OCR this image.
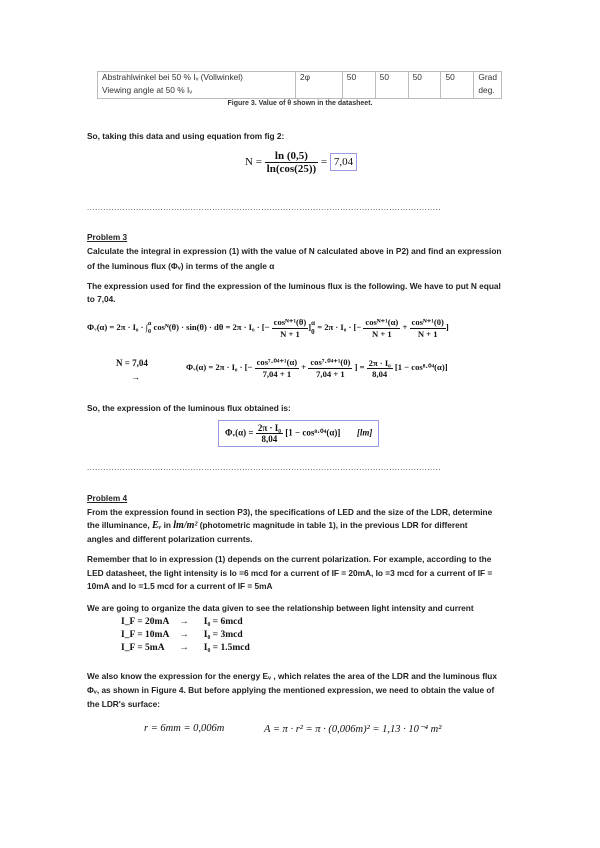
Abstrahlwinkel bei 50 % Iᵥ (Vollwinkel)	2φ	50	50	50	50	Grad
Viewing angle at 50 % Iᵥ						deg.
Figure 3. Value of θ shown in the datasheet.
So, taking this data and using equation from fig 2:
$N = \frac{\ln (0,5)}{\ln(\cos(25))} = 7,04$
..................................................................................................................................
Problem 3
Calculate the integral in expression (1) with the value of N calculated above in P2) and find an expression
of the luminous flux (Φᵥ) in terms of the angle α
The expression used for find the expression of the luminous flux is the following. We have to put N equal
to 7,04.
Φᵥ(α) = 2π · I₀ · ∫ α
0
cosᴺ(θ) · sin(θ) · dθ = 2π · I₀ · [− $\frac{\text{cosᴺ⁺¹(θ)}}{N + 1}$ ] α
0
= 2π · I₀ · [− $\frac{\text{cosᴺ⁺¹(α)}}{N + 1} + \frac{\text{cosᴺ⁺¹(0)}}{N + 1}$ ]
N = 7,04
→
Φᵥ(α) = 2π · I₀ · [− $\frac{\text{cos⁷·⁰⁴⁺¹(α)}}{7,04 + 1} + \frac{\text{cos⁷·⁰⁴⁺¹(0)}}{7,04 + 1}$ ] = $\frac{\text{2π · I₀}}{8,04} [1 - \cos^8\cdot^{04}(\alpha)]$
So, the expression of the luminous flux obtained is:
Φᵥ(α) = $\frac{\text{2π · I₀}}{8,04} [1 - \cos^8\cdot^{04}(\alpha)]$ [lm]
..................................................................................................................................
Problem 4
From the expression found in section P3), the specifications of LED and the size of the LDR, determine
the illuminance, Eᵥ in lm/m² (photometric magnitude in table 1), in the previous LDR for different
angles and different polarization currents.
Remember that Io in expression (1) depends on the current polarization. For example, according to the
LED datasheet, the light intensity is Io =6 mcd for a current of IF = 20mA, Io =3 mcd for a current of IF =
10mA and Io =1.5 mcd for a current of IF = 5mA
We are going to organize the data given to see the relationship between light intensity and current
I_F = 20mA → I₀ = 6mcd
I_F = 10mA → I₀ = 3mcd
I_F = 5mA → I₀ = 1.5mcd
We also know the expression for the energy Eᵥ , which relates the area of the LDR and the luminous flux
Φᵥ, as shown in Figure 4. But before applying the mentioned expression, we need to obtain the value of
the LDR's surface:
r = 6mm = 0,006m	A = π · r² = π · (0,006m)² = 1,13 · 10⁻⁴ m²
